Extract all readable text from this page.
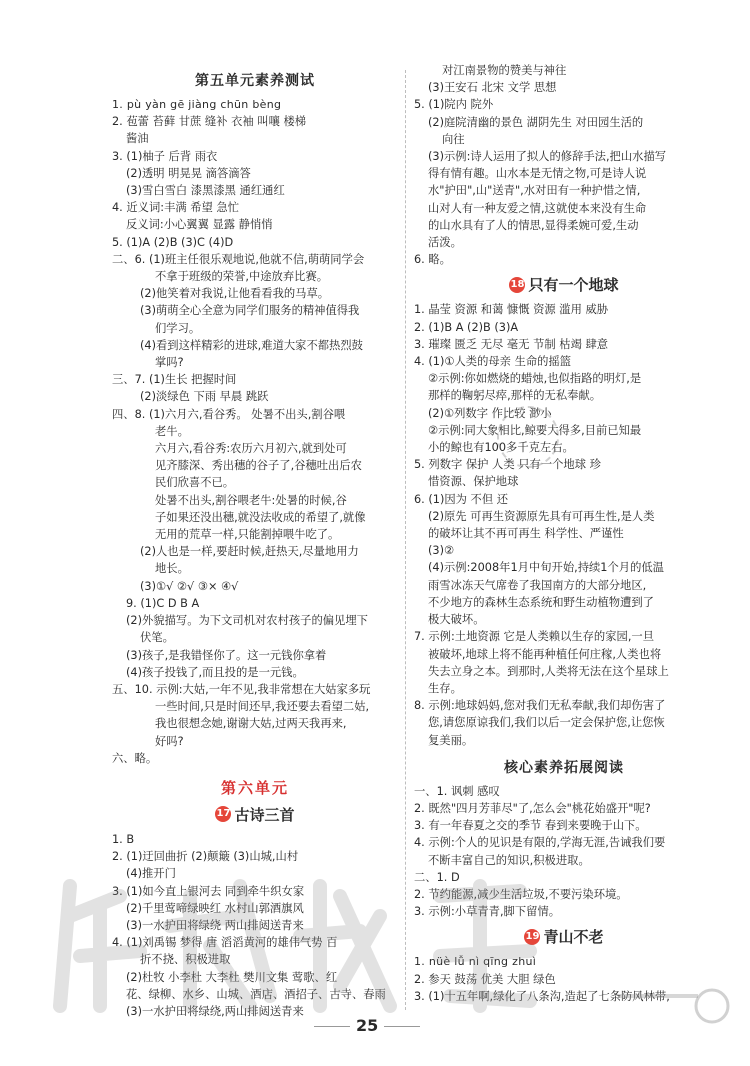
第五单元素养测试
1. pù yàn gē jiàng chūn bèng
2. 苞蕾 苔藓 甘蔗 缝补 衣袖 叫嚷 楼梯
酱油
3. (1)柚子 后背 雨衣
(2)透明 明晃晃 滴答滴答
(3)雪白雪白 漆黑漆黑 通红通红
4. 近义词:丰满 希望 急忙
反义词:小心翼翼 显露 静悄悄
5. (1)A (2)B (3)C (4)D
二、6. (1)班主任很乐观地说,他就不信,萌萌同学会
不拿于班级的荣誉,中途放弃比赛。
(2)他笑着对我说,让他看看我的马草。
(3)萌萌全心全意为同学们服务的精神值得我
们学习。
(4)看到这样精彩的进球,难道大家不都热烈鼓
掌吗?
三、7. (1)生长 把握时间
(2)淡绿色 下雨 早晨 跳跃
四、8. (1)六月六,看谷秀。 处暑不出头,割谷喂
老牛。
六月六,看谷秀:农历六月初六,就到处可
见齐膝深、秀出穗的谷子了,谷穗吐出后农
民们欣喜不已。
处暑不出头,割谷喂老牛:处暑的时候,谷
子如果还没出穗,就没法收成的希望了,就像
无用的荒草一样,只能割掉喂牛吃了。
(2)人也是一样,要赶时候,赶热天,尽量地用力
地长。
(3)①√ ②√ ③× ④√
9. (1)C D B A
(2)外貌描写。为下文司机对农村孩子的偏见埋下
伏笔。
(3)孩子,是我错怪你了。这一元钱你拿着
(4)孩子投钱了,而且投的是一元钱。
五、10. 示例:大姑,一年不见,我非常想在大姑家多玩
一些时间,只是时间还早,我还要去看望二姑,
我也很想念她,谢谢大姑,过两天我再来,
好吗?
六、略。
第六单元
17 古诗三首
1. B
2. (1)迂回曲折 (2)颠簸 (3)山城,山村
(4)推开门
3. (1)如今直上银河去 同到牵牛织女家
(2)千里莺啼绿映红 水村山郭酒旗风
(3)一水护田将绿绕 两山排闼送青来
4. (1)刘禹锡 梦得 唐 滔滔黄河的雄伟气势 百
折不挠、积极进取
(2)杜牧 小李杜 大李杜 樊川文集 莺歌、红
花、绿柳、水乡、山城、酒店、酒招子、古寺、春雨
(3)一水护田将绿绕,两山排闼送青来
对江南景物的赞美与神往
(3)王安石 北宋 文学 思想
5. (1)院内 院外
(2)庭院清幽的景色 湖阴先生 对田园生活的
向往
(3)示例:诗人运用了拟人的修辞手法,把山水描写
得有情有趣。山水本是无情之物,可是诗人说
水"护田",山"送青",水对田有一种护惜之情,
山对人有一种友爱之情,这就使本来没有生命
的山水具有了人的情思,显得柔婉可爱,生动
活泼。
6. 略。
18 只有一个地球
1. 晶莹 资源 和蔼 慷慨 资源 滥用 威胁
2. (1)B A (2)B (3)A
3. 璀璨 匮乏 无尽 毫无 节制 枯竭 肆意
4. (1)①人类的母亲 生命的摇篮
②示例:你如燃烧的蜡烛,也似指路的明灯,是
那样的鞠躬尽瘁,那样的无私奉献。
(2)①列数字 作比较 渺小
②示例:同大象相比,鲸要大得多,目前已知最
小的鲸也有100多千克左右。
5. 列数字 保护 人类 只有一个地球 珍
惜资源、保护地球
6. (1)因为 不但 还
(2)原先 可再生资源原先具有可再生性,是人类
的破坏让其不再可再生 科学性、严谨性
(3)②
(4)示例:2008年1月中旬开始,持续1个月的低温
雨雪冰冻天气席卷了我国南方的大部分地区,
不少地方的森林生态系统和野生动植物遭到了
极大破坏。
7. 示例:土地资源 它是人类赖以生存的家园,一旦
被破坏,地球上将不能再种植任何庄稼,人类也将
失去立身之本。到那时,人类将无法在这个星球上
生存。
8. 示例:地球妈妈,您对我们无私奉献,我们却伤害了
您,请您原谅我们,我们以后一定会保护您,让您恢
复美丽。
核心素养拓展阅读
一、1. 讽刺 感叹
2. 既然"四月芳菲尽"了,怎么会"桃花始盛开"呢?
3. 有一年春夏之交的季节 春到来要晚于山下。
4. 示例:个人的见识是有限的,学海无涯,告诫我们要
不断丰富自己的知识,积极进取。
二、1. D
2. 节约能源,减少生活垃圾,不要污染环境。
3. 示例:小草青青,脚下留情。
19 青山不老
1. nüè lǚ nì qīng zhuì
2. 参天 鼓荡 优美 大胆 绿色
3. (1)十五年啊,绿化了八条沟,造起了七条防风林带,
25
